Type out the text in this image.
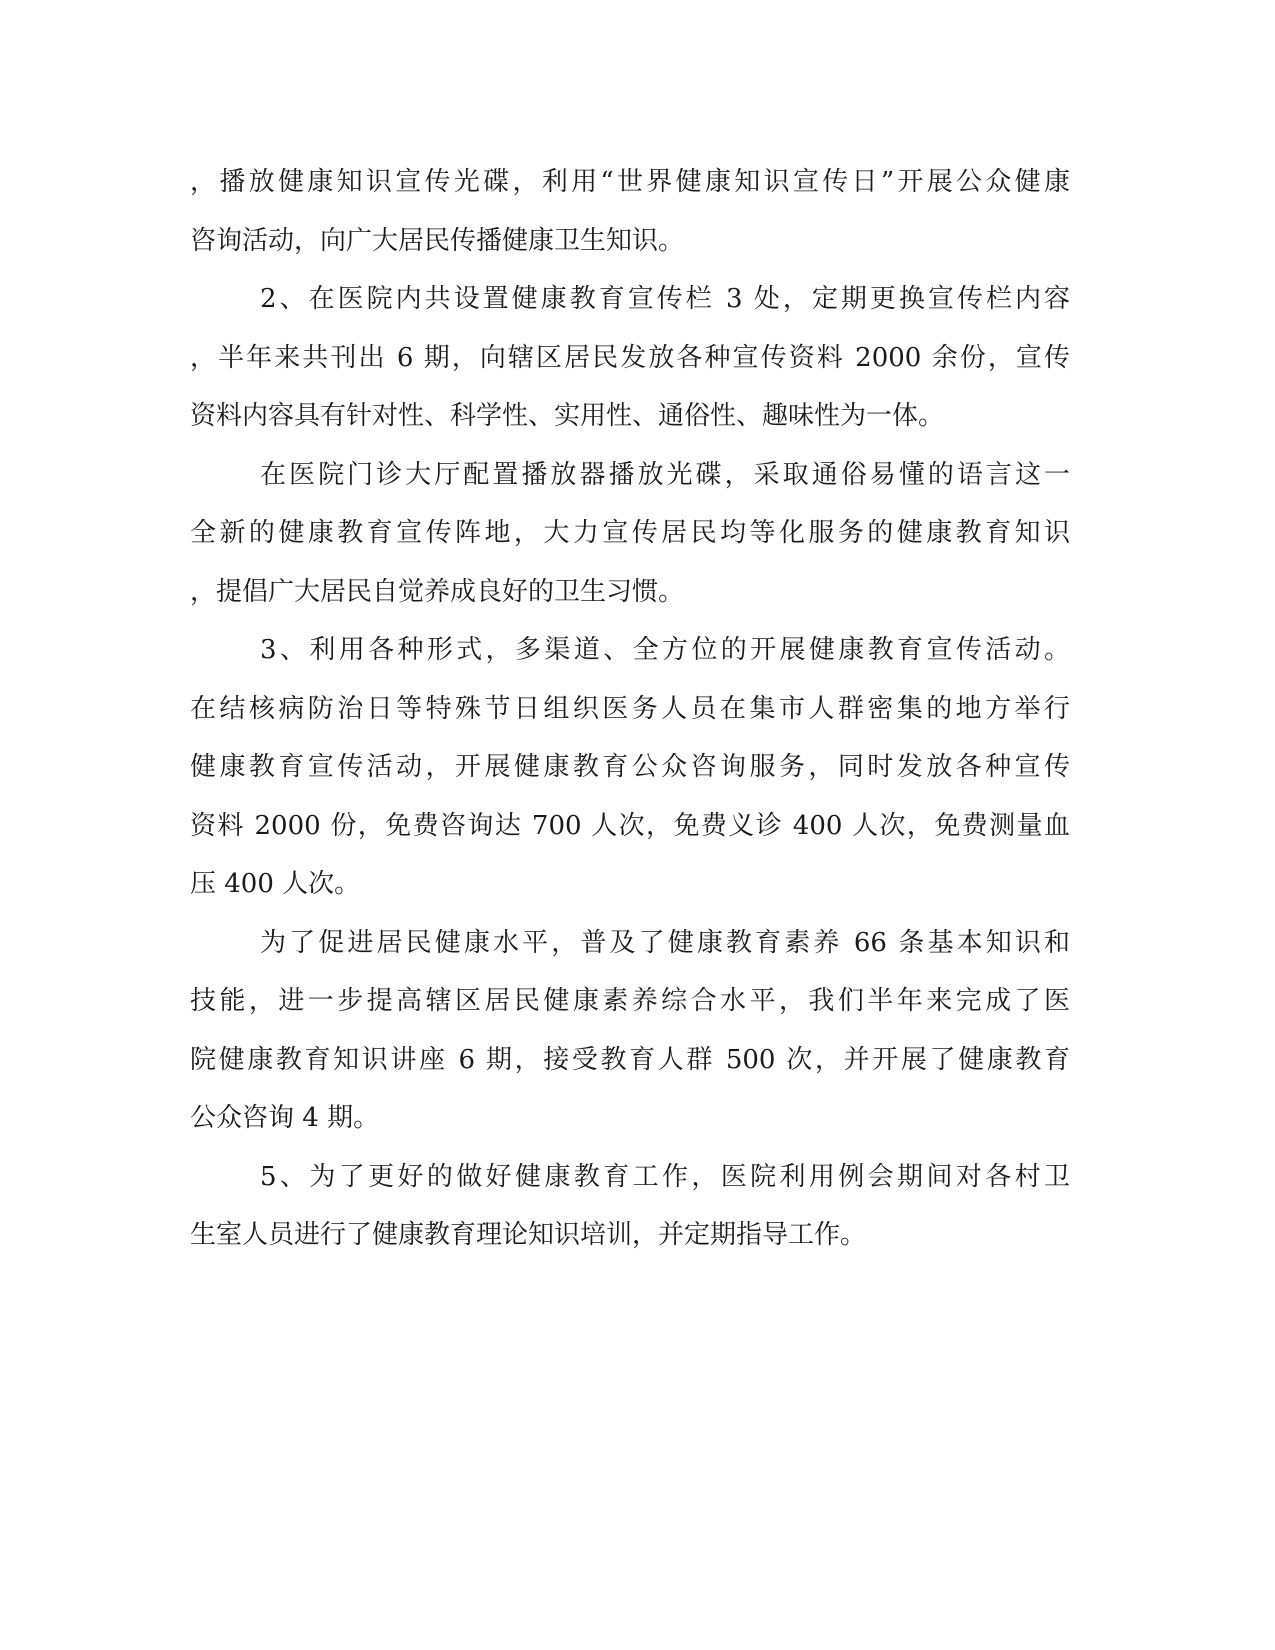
，播放健康知识宣传光碟，利用“世界健康知识宣传日”开展公众健康

咨询活动，向广大居民传播健康卫生知识。

2、在医院内共设置健康教育宣传栏 3 处，定期更换宣传栏内容

，半年来共刊出 6 期，向辖区居民发放各种宣传资料 2000 余份，宣传

资料内容具有针对性、科学性、实用性、通俗性、趣味性为一体。

在医院门诊大厅配置播放器播放光碟，采取通俗易懂的语言这一

全新的健康教育宣传阵地，大力宣传居民均等化服务的健康教育知识

，提倡广大居民自觉养成良好的卫生习惯。

3、利用各种形式，多渠道、全方位的开展健康教育宣传活动。

在结核病防治日等特殊节日组织医务人员在集市人群密集的地方举行

健康教育宣传活动，开展健康教育公众咨询服务，同时发放各种宣传

资料 2000 份，免费咨询达 700 人次，免费义诊 400 人次，免费测量血

压 400 人次。

为了促进居民健康水平，普及了健康教育素养 66 条基本知识和

技能，进一步提高辖区居民健康素养综合水平，我们半年来完成了医

院健康教育知识讲座 6 期，接受教育人群 500 次，并开展了健康教育

公众咨询 4 期。

5、为了更好的做好健康教育工作，医院利用例会期间对各村卫

生室人员进行了健康教育理论知识培训，并定期指导工作。
